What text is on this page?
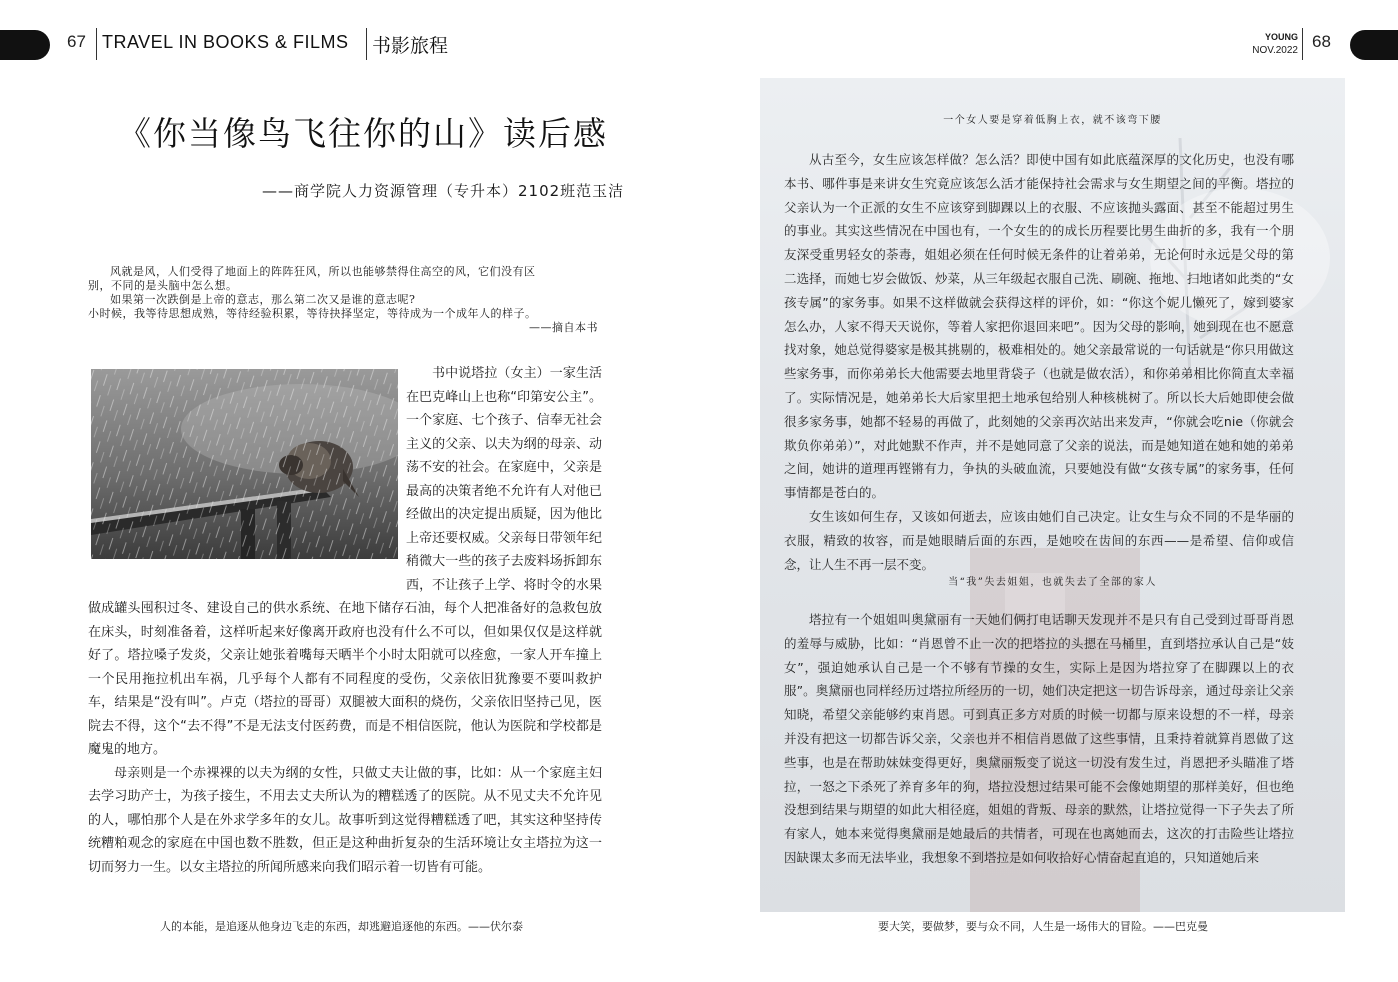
67 TRAVEL IN BOOKS & FILMS 书影旅程	YOUNG
NOV.2022 68
《你当像鸟飞往你的山》读后感
——商学院人力资源管理（专升本）2102班范玉洁

风就是风，人们受得了地面上的阵阵狂风，所以也能够禁得住高空的风，它们没有区

别，不同的是头脑中怎么想。

如果第一次跌倒是上帝的意志，那么第二次又是谁的意志呢?

小时候，我等待思想成熟，等待经验积累，等待抉择坚定，等待成为一个成年人的样子。

——摘自本书

书中说塔拉（女主）一家生活在巴克峰山上也称“印第安公主”。一个家庭、七个孩子、信奉无社会主义的父亲、以夫为纲的母亲、动荡不安的社会。在家庭中，父亲是最高的决策者绝不允许有人对他已经做出的决定提出质疑，因为他比上帝还要权威。父亲每日带领年纪稍微大一些的孩子去废料场拆卸东西，不让孩子上学、将时令的水果做成罐头囤积过冬、建设自己的供水系统、在地下储存石油，每个人把准备好的急救包放在床头，时刻准备着，这样听起来好像离开政府也没有什么不可以，但如果仅仅是这样就好了。塔拉嗓子发炎，父亲让她张着嘴每天晒半个小时太阳就可以痊愈，一家人开车撞上一个民用拖拉机出车祸，几乎每个人都有不同程度的受伤，父亲依旧犹豫要不要叫救护车，结果是“没有叫”。卢克（塔拉的哥哥）双腿被大面积的烧伤，父亲依旧坚持己见，医院去不得，这个“去不得”不是无法支付医药费，而是不相信医院，他认为医院和学校都是魔鬼的地方。

母亲则是一个赤裸裸的以夫为纲的女性，只做丈夫让做的事，比如：从一个家庭主妇去学习助产士，为孩子接生，不用去丈夫所认为的糟糕透了的医院。从不见丈夫不允许见的人，哪怕那个人是在外求学多年的女儿。故事听到这觉得糟糕透了吧，其实这种坚持传统糟粕观念的家庭在中国也数不胜数，但正是这种曲折复杂的生活环境让女主塔拉为这一切而努力一生。以女主塔拉的所闻所感来向我们昭示着一切皆有可能。

一个女人要是穿着低胸上衣，就不该弯下腰

从古至今，女生应该怎样做？怎么活？即使中国有如此底蕴深厚的文化历史，也没有哪本书、哪件事是来讲女生究竟应该怎么活才能保持社会需求与女生期望之间的平衡。塔拉的父亲认为一个正派的女生不应该穿到脚踝以上的衣服、不应该抛头露面、甚至不能超过男生的事业。其实这些情况在中国也有，一个女生的的成长历程要比男生曲折的多，我有一个朋友深受重男轻女的荼毒，姐姐必须在任何时候无条件的让着弟弟，无论何时永远是父母的第二选择，而她七岁会做饭、炒菜，从三年级起衣服自己洗、刷碗、拖地、扫地诸如此类的“女孩专属”的家务事。如果不这样做就会获得这样的评价，如：“你这个妮儿懒死了，嫁到婆家怎么办，人家不得天天说你，等着人家把你退回来吧”。因为父母的影响，她到现在也不愿意找对象，她总觉得婆家是极其挑剔的，极难相处的。她父亲最常说的一句话就是“你只用做这些家务事，而你弟弟长大他需要去地里背袋子（也就是做农活），和你弟弟相比你简直太幸福了。实际情况是，她弟弟长大后家里把土地承包给别人种核桃树了。所以长大后她即使会做很多家务事，她都不轻易的再做了，此刻她的父亲再次站出来发声，“你就会吃nie（你就会欺负你弟弟）”，对此她默不作声，并不是她同意了父亲的说法，而是她知道在她和她的弟弟之间，她讲的道理再铿锵有力，争执的头破血流，只要她没有做“女孩专属”的家务事，任何事情都是苍白的。

女生该如何生存，又该如何逝去，应该由她们自己决定。让女生与众不同的不是华丽的衣服，精致的妆容，而是她眼睛后面的东西，是她咬在齿间的东西——是希望、信仰或信念，让人生不再一层不变。

当“我”失去姐姐，也就失去了全部的家人

塔拉有一个姐姐叫奥黛丽有一天她们俩打电话聊天发现并不是只有自己受到过哥哥肖恩的羞辱与威胁，比如：“肖恩曾不止一次的把塔拉的头摁在马桶里，直到塔拉承认自己是“妓女”，强迫她承认自己是一个不够有节操的女生，实际上是因为塔拉穿了在脚踝以上的衣服”。奥黛丽也同样经历过塔拉所经历的一切，她们决定把这一切告诉母亲，通过母亲让父亲知晓，希望父亲能够约束肖恩。可到真正多方对质的时候一切都与原来设想的不一样，母亲并没有把这一切都告诉父亲，父亲也并不相信肖恩做了这些事情，且秉持着就算肖恩做了这些事，也是在帮助妹妹变得更好，奥黛丽叛变了说这一切没有发生过，肖恩把矛头瞄准了塔拉，一怒之下杀死了养育多年的狗，塔拉没想过结果可能不会像她期望的那样美好，但也绝没想到结果与期望的如此大相径庭，姐姐的背叛、母亲的默然，让塔拉觉得一下子失去了所有家人，她本来觉得奥黛丽是她最后的共情者，可现在也离她而去，这次的打击险些让塔拉因缺课太多而无法毕业，我想象不到塔拉是如何收拾好心情奋起直追的，只知道她后来

人的本能，是追逐从他身边飞走的东西，却逃避追逐他的东西。——伏尔泰	要大笑，要做梦，要与众不同，人生是一场伟大的冒险。——巴克曼
